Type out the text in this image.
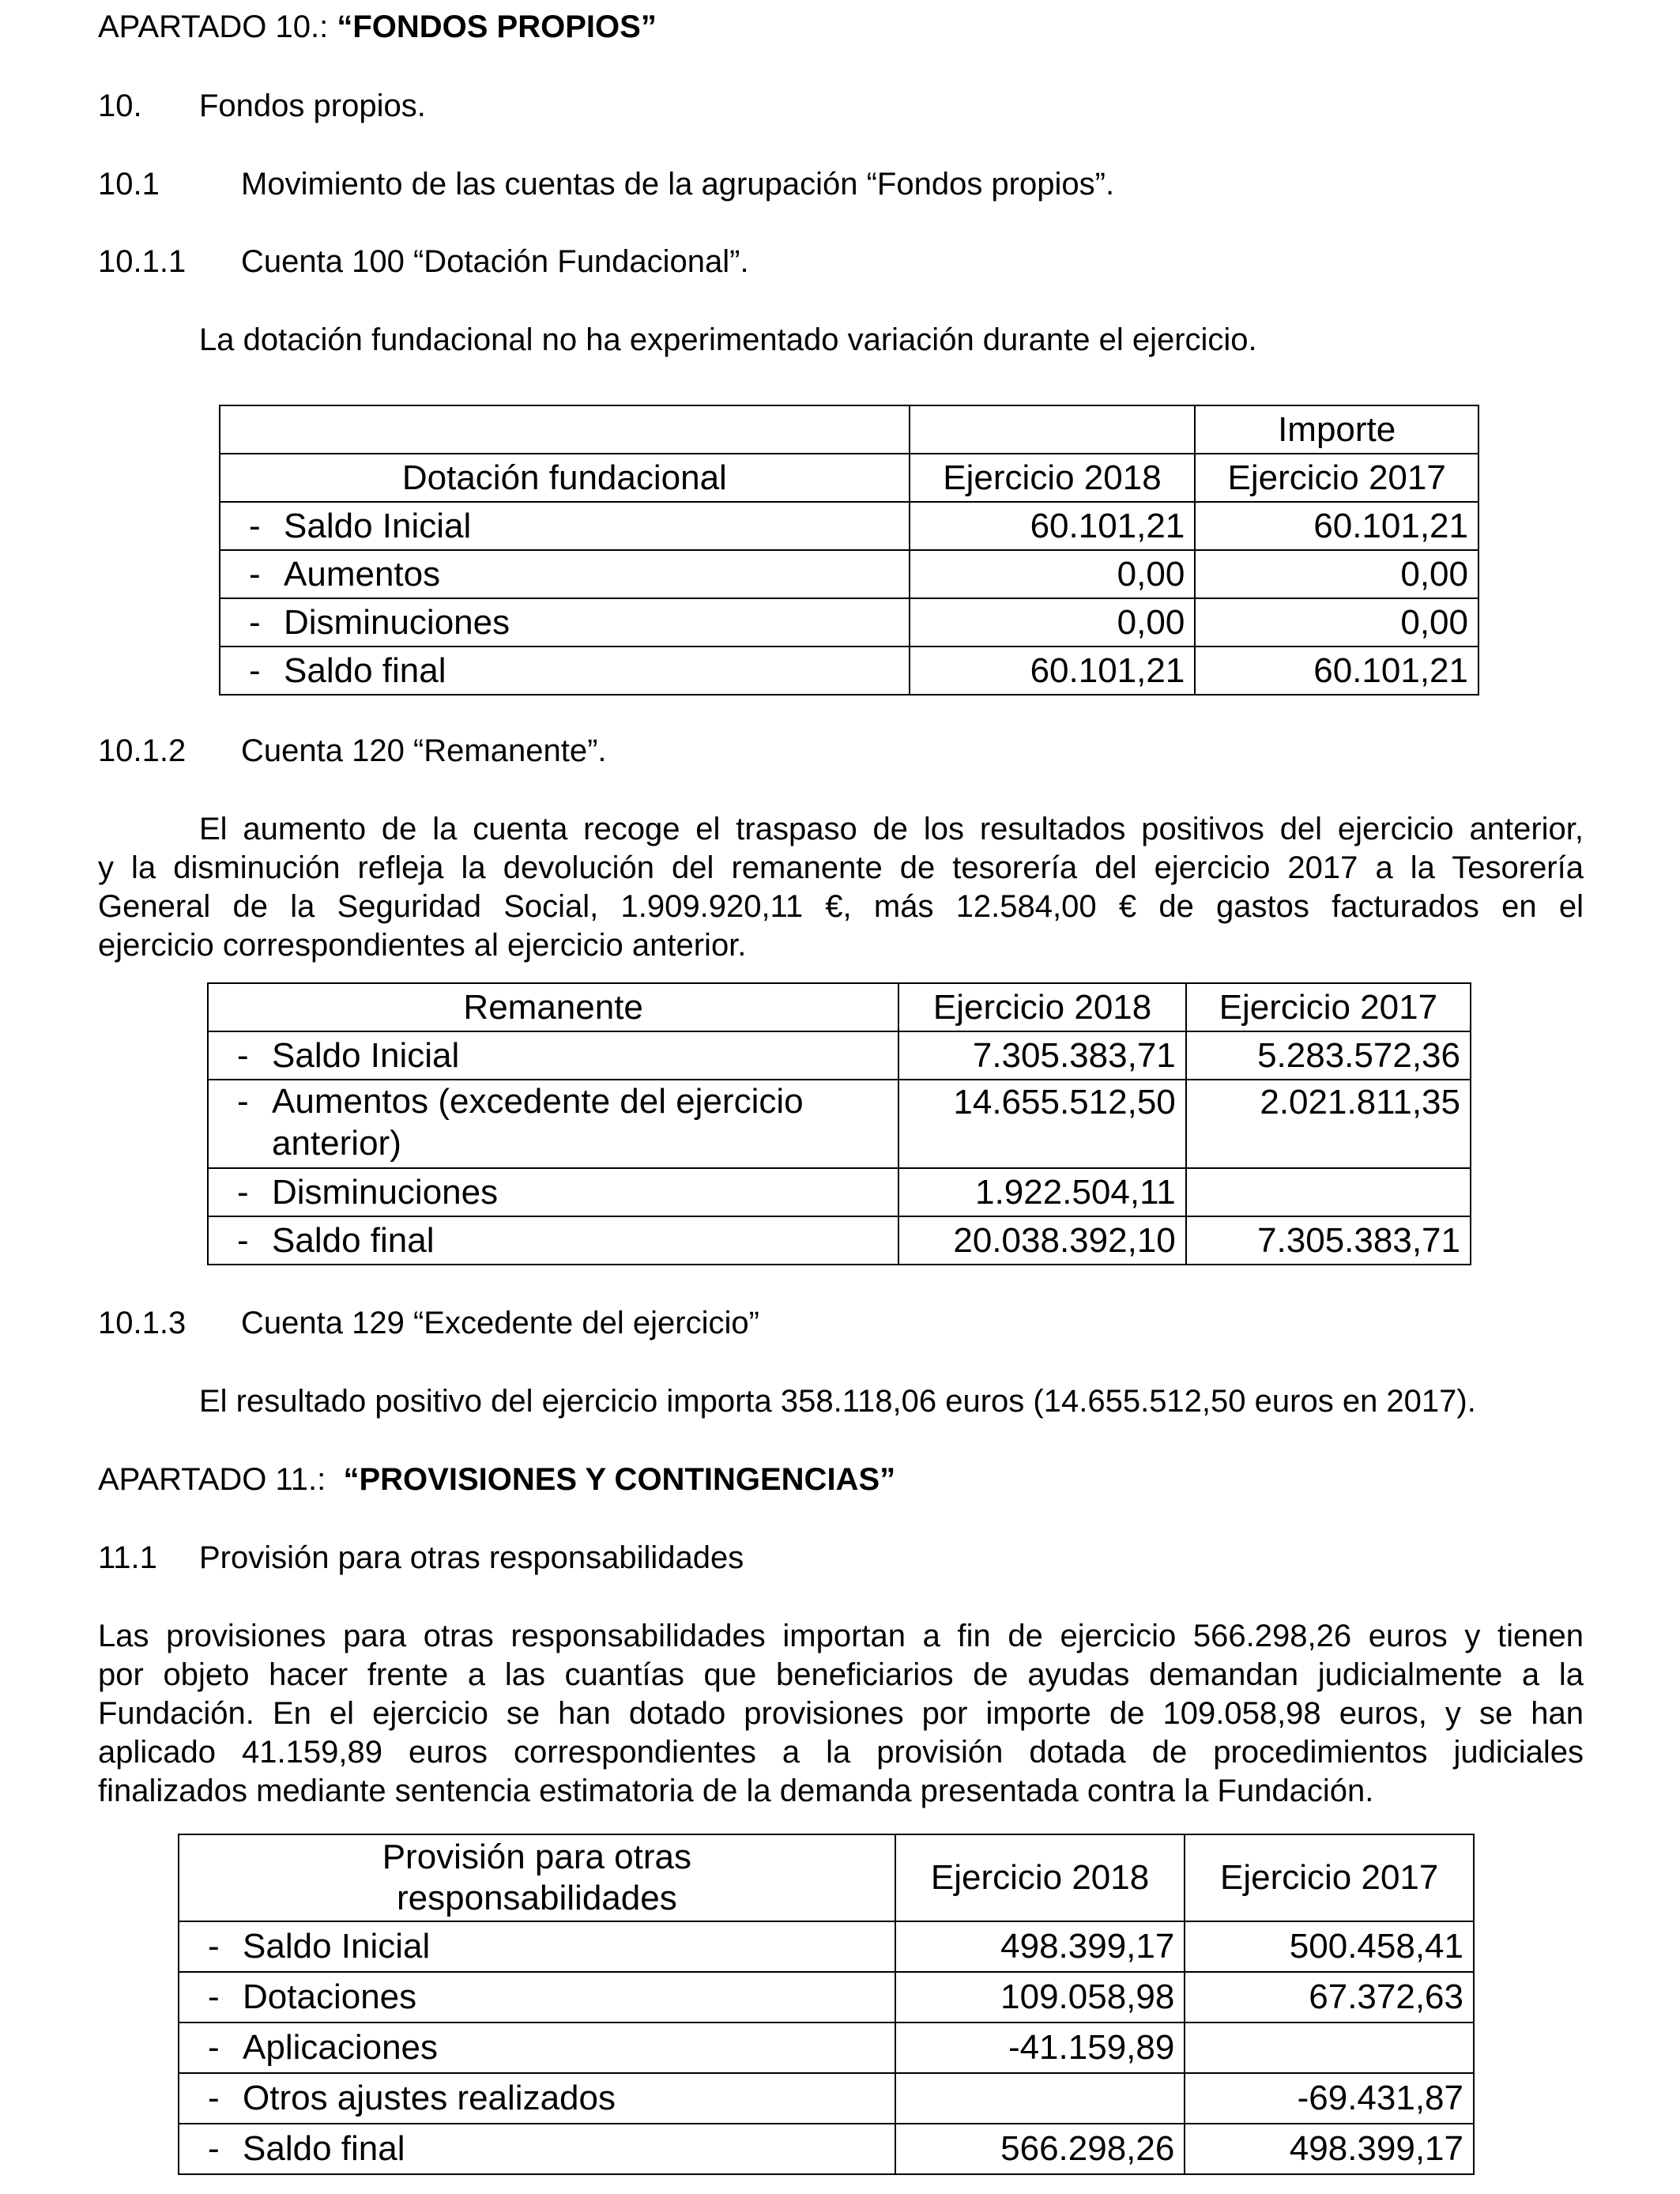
APARTADO 10.: “FONDOS PROPIOS”
10. Fondos propios.
10.1	Movimiento de las cuentas de la agrupación “Fondos propios”.
10.1.1 Cuenta 100 “Dotación Fundacional”.
La dotación fundacional no ha experimentado variación durante el ejercicio.
		Importe
Dotación fundacional	Ejercicio 2018	Ejercicio 2017
- Saldo Inicial	60.101,21	60.101,21
- Aumentos	0,00	0,00
- Disminuciones	0,00	0,00
- Saldo final	60.101,21	60.101,21
10.1.2 Cuenta 120 “Remanente”.
El aumento de la cuenta recoge el traspaso de los resultados positivos del ejercicio anterior,
y la disminución refleja la devolución del remanente de tesorería del ejercicio 2017 a la Tesorería
General de la Seguridad Social, 1.909.920,11 €, más 12.584,00 € de gastos facturados en el
ejercicio correspondientes al ejercicio anterior.
Remanente	Ejercicio 2018	Ejercicio 2017
- Saldo Inicial	7.305.383,71	5.283.572,36
- Aumentos (excedente del ejercicio anterior)	14.655.512,50	2.021.811,35
- Disminuciones	1.922.504,11	
- Saldo final	20.038.392,10	7.305.383,71
10.1.3 Cuenta 129 “Excedente del ejercicio”
El resultado positivo del ejercicio importa 358.118,06 euros (14.655.512,50 euros en 2017).
APARTADO 11.:  “PROVISIONES Y CONTINGENCIAS”
11.1 Provisión para otras responsabilidades
Las provisiones para otras responsabilidades importan a fin de ejercicio 566.298,26 euros y tienen
por objeto hacer frente a las cuantías que beneficiarios de ayudas demandan judicialmente a la
Fundación. En el ejercicio se han dotado provisiones por importe de 109.058,98 euros, y se han
aplicado 41.159,89 euros correspondientes a la provisión dotada de procedimientos judiciales
finalizados mediante sentencia estimatoria de la demanda presentada contra la Fundación.
Provisión para otras responsabilidades	Ejercicio 2018	Ejercicio 2017
- Saldo Inicial	498.399,17	500.458,41
- Dotaciones	109.058,98	67.372,63
- Aplicaciones	-41.159,89	
- Otros ajustes realizados		-69.431,87
- Saldo final	566.298,26	498.399,17
